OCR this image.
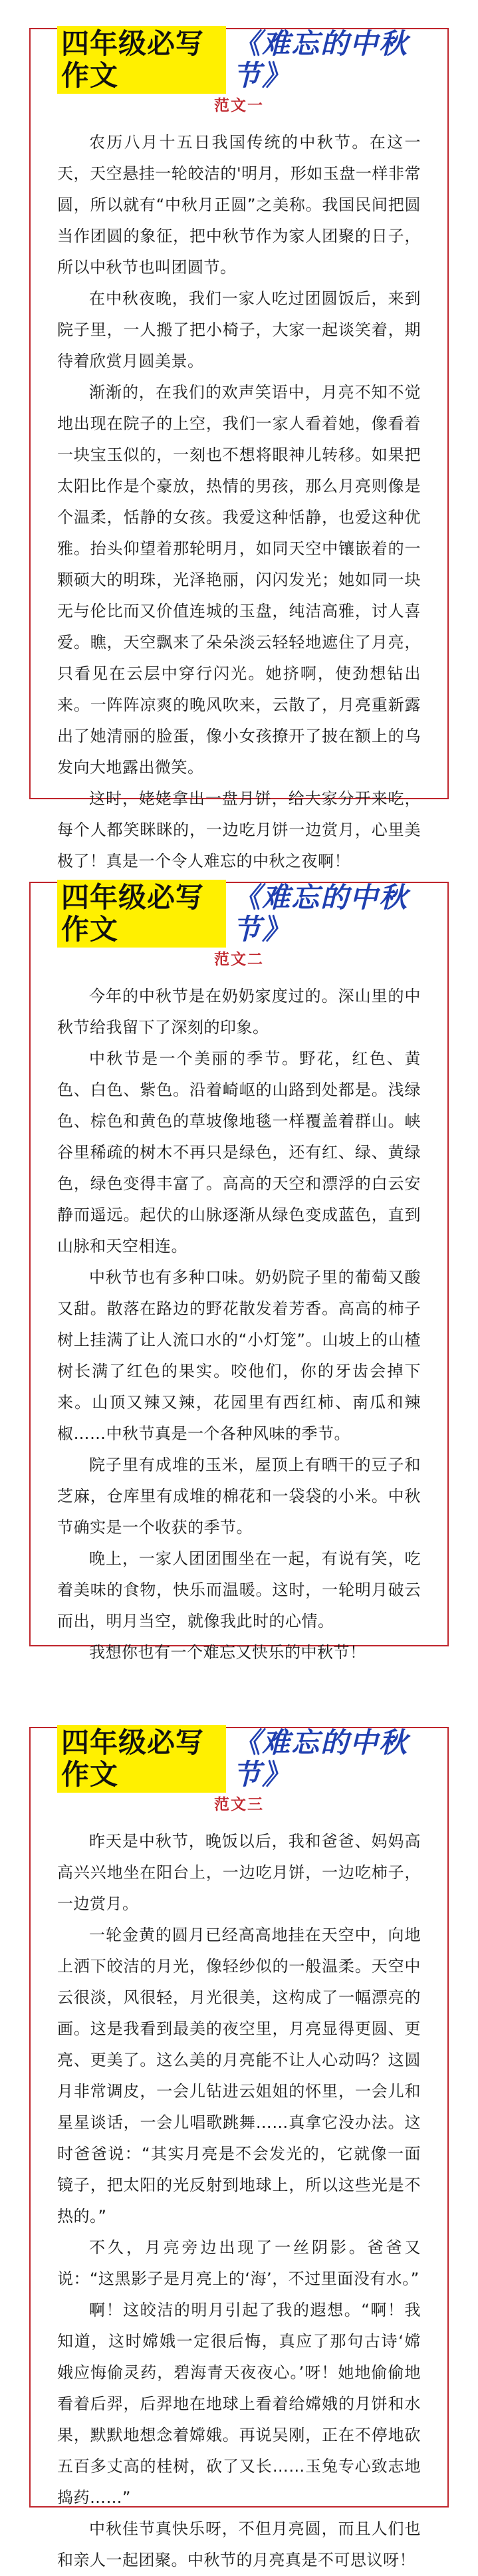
四年级必写作文
《难忘的中秋节》
范文一

农历八月十五日我国传统的中秋节。在这一天，天空悬挂一轮皎洁的'明月，形如玉盘一样非常圆，所以就有“中秋月正圆”之美称。我国民间把圆当作团圆的象征，把中秋节作为家人团聚的日子，所以中秋节也叫团圆节。

在中秋夜晚，我们一家人吃过团圆饭后，来到院子里，一人搬了把小椅子，大家一起谈笑着，期待着欣赏月圆美景。

渐渐的，在我们的欢声笑语中，月亮不知不觉地出现在院子的上空，我们一家人看着她，像看着一块宝玉似的，一刻也不想将眼神儿转移。如果把太阳比作是个豪放，热情的男孩，那么月亮则像是个温柔，恬静的女孩。我爱这种恬静，也爱这种优雅。抬头仰望着那轮明月，如同天空中镶嵌着的一颗硕大的明珠，光泽艳丽，闪闪发光；她如同一块无与伦比而又价值连城的玉盘，纯洁高雅，讨人喜爱。瞧，天空飘来了朵朵淡云轻轻地遮住了月亮，只看见在云层中穿行闪光。她挤啊，使劲想钻出来。一阵阵凉爽的晚风吹来，云散了，月亮重新露出了她清丽的脸蛋，像小女孩撩开了披在额上的乌发向大地露出微笑。

这时，姥姥拿出一盘月饼，给大家分开来吃，每个人都笑眯眯的，一边吃月饼一边赏月，心里美极了！真是一个令人难忘的中秋之夜啊！

四年级必写作文
《难忘的中秋节》
范文二

今年的中秋节是在奶奶家度过的。深山里的中秋节给我留下了深刻的印象。

中秋节是一个美丽的季节。野花，红色、黄色、白色、紫色。沿着崎岖的山路到处都是。浅绿色、棕色和黄色的草坡像地毯一样覆盖着群山。峡谷里稀疏的树木不再只是绿色，还有红、绿、黄绿色，绿色变得丰富了。高高的天空和漂浮的白云安静而遥远。起伏的山脉逐渐从绿色变成蓝色，直到山脉和天空相连。

中秋节也有多种口味。奶奶院子里的葡萄又酸又甜。散落在路边的野花散发着芳香。高高的柿子树上挂满了让人流口水的“小灯笼”。山坡上的山楂树长满了红色的果实。咬他们，你的牙齿会掉下来。山顶又辣又辣，花园里有西红柿、南瓜和辣椒……中秋节真是一个各种风味的季节。

院子里有成堆的玉米，屋顶上有晒干的豆子和芝麻，仓库里有成堆的棉花和一袋袋的小米。中秋节确实是一个收获的季节。

晚上，一家人团团围坐在一起，有说有笑，吃着美味的食物，快乐而温暖。这时，一轮明月破云而出，明月当空，就像我此时的心情。

我想你也有一个难忘又快乐的中秋节！

四年级必写作文
《难忘的中秋节》
范文三

昨天是中秋节，晚饭以后，我和爸爸、妈妈高高兴兴地坐在阳台上，一边吃月饼，一边吃柿子，一边赏月。

一轮金黄的圆月已经高高地挂在天空中，向地上洒下皎洁的月光，像轻纱似的一般温柔。天空中云很淡，风很轻，月光很美，这构成了一幅漂亮的画。这是我看到最美的夜空里，月亮显得更圆、更亮、更美了。这么美的月亮能不让人心动吗？这圆月非常调皮，一会儿钻进云姐姐的怀里，一会儿和星星谈话，一会儿唱歌跳舞……真拿它没办法。这时爸爸说：“其实月亮是不会发光的，它就像一面镜子，把太阳的光反射到地球上，所以这些光是不热的。”

不久，月亮旁边出现了一丝阴影。爸爸又说：“这黑影子是月亮上的‘海’，不过里面没有水。”

啊！这皎洁的明月引起了我的遐想。“啊！我知道，这时嫦娥一定很后悔，真应了那句古诗‘嫦娥应悔偷灵药，碧海青天夜夜心。’呀！她地偷偷地看着后羿，后羿地在地球上看着给嫦娥的月饼和水果，默默地想念着嫦娥。再说吴刚，正在不停地砍五百多丈高的桂树，砍了又长……玉兔专心致志地捣药……”

中秋佳节真快乐呀，不但月亮圆，而且人们也和亲人一起团聚。中秋节的月亮真是不可思议呀！
